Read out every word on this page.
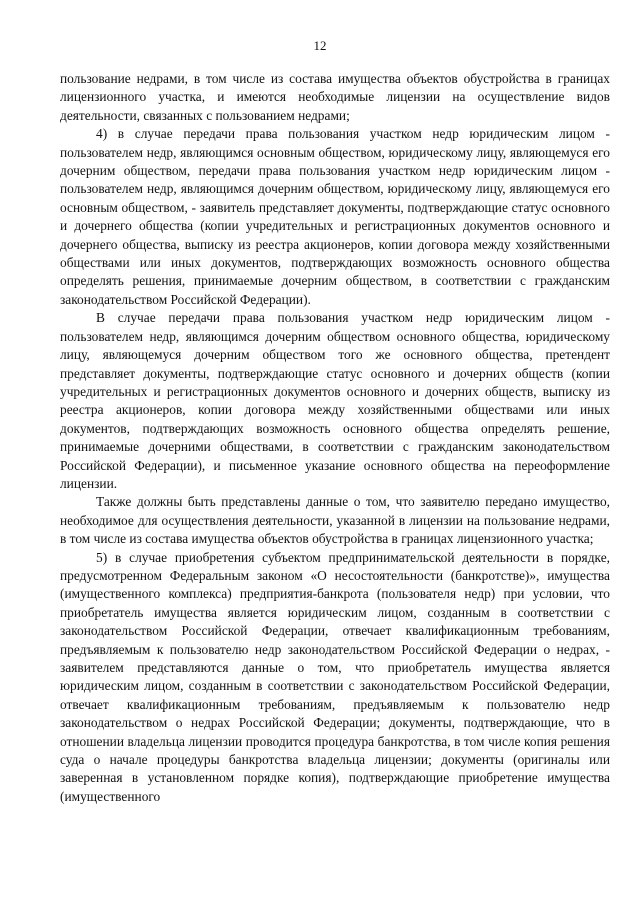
12

пользование недрами, в том числе из состава имущества объектов обустройства в границах лицензионного участка, и имеются необходимые лицензии на осуществление видов деятельности, связанных с пользованием недрами;

4) в случае передачи права пользования участком недр юридическим лицом - пользователем недр, являющимся основным обществом, юридическому лицу, являющемуся его дочерним обществом, передачи права пользования участком недр юридическим лицом - пользователем недр, являющимся дочерним обществом, юридическому лицу, являющемуся его основным обществом, - заявитель представляет документы, подтверждающие статус основного и дочернего общества (копии учредительных и регистрационных документов основного и дочернего общества, выписку из реестра акционеров, копии договора между хозяйственными обществами или иных документов, подтверждающих возможность основного общества определять решения, принимаемые дочерним обществом, в соответствии с гражданским законодательством Российской Федерации).

В случае передачи права пользования участком недр юридическим лицом - пользователем недр, являющимся дочерним обществом основного общества, юридическому лицу, являющемуся дочерним обществом того же основного общества, претендент представляет документы, подтверждающие статус основного и дочерних обществ (копии учредительных и регистрационных документов основного и дочерних обществ, выписку из реестра акционеров, копии договора между хозяйственными обществами или иных документов, подтверждающих возможность основного общества определять решение, принимаемые дочерними обществами, в соответствии с гражданским законодательством Российской Федерации), и письменное указание основного общества на переоформление лицензии.

Также должны быть представлены данные о том, что заявителю передано имущество, необходимое для осуществления деятельности, указанной в лицензии на пользование недрами, в том числе из состава имущества объектов обустройства в границах лицензионного участка;

5) в случае приобретения субъектом предпринимательской деятельности в порядке, предусмотренном Федеральным законом «О несостоятельности (банкротстве)», имущества (имущественного комплекса) предприятия-банкрота (пользователя недр) при условии, что приобретатель имущества является юридическим лицом, созданным в соответствии с законодательством Российской Федерации, отвечает квалификационным требованиям, предъявляемым к пользователю недр законодательством Российской Федерации о недрах, - заявителем представляются данные о том, что приобретатель имущества является юридическим лицом, созданным в соответствии с законодательством Российской Федерации, отвечает квалификационным требованиям, предъявляемым к пользователю недр законодательством о недрах Российской Федерации; документы, подтверждающие, что в отношении владельца лицензии проводится процедура банкротства, в том числе копия решения суда о начале процедуры банкротства владельца лицензии; документы (оригиналы или заверенная в установленном порядке копия), подтверждающие приобретение имущества (имущественного
